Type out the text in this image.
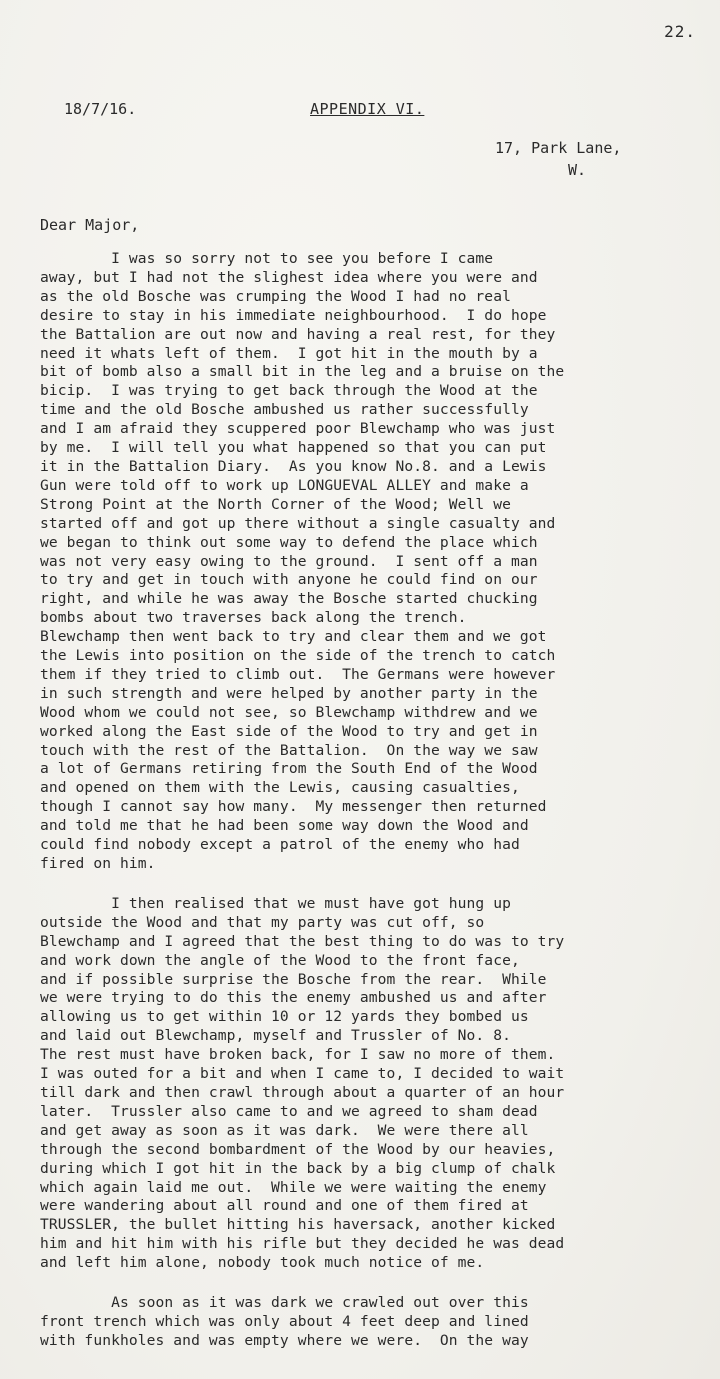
22.
18/7/16.	APPENDIX VI.
17, Park Lane,
W.
Dear Major,
I was so sorry not to see you before I came
away, but I had not the slighest idea where you were and
as the old Bosche was crumping the Wood I had no real
desire to stay in his immediate neighbourhood.  I do hope
the Battalion are out now and having a real rest, for they
need it whats left of them.  I got hit in the mouth by a
bit of bomb also a small bit in the leg and a bruise on the
bicip.  I was trying to get back through the Wood at the
time and the old Bosche ambushed us rather successfully
and I am afraid they scuppered poor Blewchamp who was just
by me.  I will tell you what happened so that you can put
it in the Battalion Diary.  As you know No.8. and a Lewis
Gun were told off to work up LONGUEVAL ALLEY and make a
Strong Point at the North Corner of the Wood; Well we
started off and got up there without a single casualty and
we began to think out some way to defend the place which
was not very easy owing to the ground.  I sent off a man
to try and get in touch with anyone he could find on our
right, and while he was away the Bosche started chucking
bombs about two traverses back along the trench.
Blewchamp then went back to try and clear them and we got
the Lewis into position on the side of the trench to catch
them if they tried to climb out.  The Germans were however
in such strength and were helped by another party in the
Wood whom we could not see, so Blewchamp withdrew and we
worked along the East side of the Wood to try and get in
touch with the rest of the Battalion.  On the way we saw
a lot of Germans retiring from the South End of the Wood
and opened on them with the Lewis, causing casualties,
though I cannot say how many.  My messenger then returned
and told me that he had been some way down the Wood and
could find nobody except a patrol of the enemy who had
fired on him.
I then realised that we must have got hung up
outside the Wood and that my party was cut off, so
Blewchamp and I agreed that the best thing to do was to try
and work down the angle of the Wood to the front face,
and if possible surprise the Bosche from the rear.  While
we were trying to do this the enemy ambushed us and after
allowing us to get within 10 or 12 yards they bombed us
and laid out Blewchamp, myself and Trussler of No. 8.
The rest must have broken back, for I saw no more of them.
I was outed for a bit and when I came to, I decided to wait
till dark and then crawl through about a quarter of an hour
later.  Trussler also came to and we agreed to sham dead
and get away as soon as it was dark.  We were there all
through the second bombardment of the Wood by our heavies,
during which I got hit in the back by a big clump of chalk
which again laid me out.  While we were waiting the enemy
were wandering about all round and one of them fired at
TRUSSLER, the bullet hitting his haversack, another kicked
him and hit him with his rifle but they decided he was dead
and left him alone, nobody took much notice of me.
As soon as it was dark we crawled out over this
front trench which was only about 4 feet deep and lined
with funkholes and was empty where we were.  On the way
